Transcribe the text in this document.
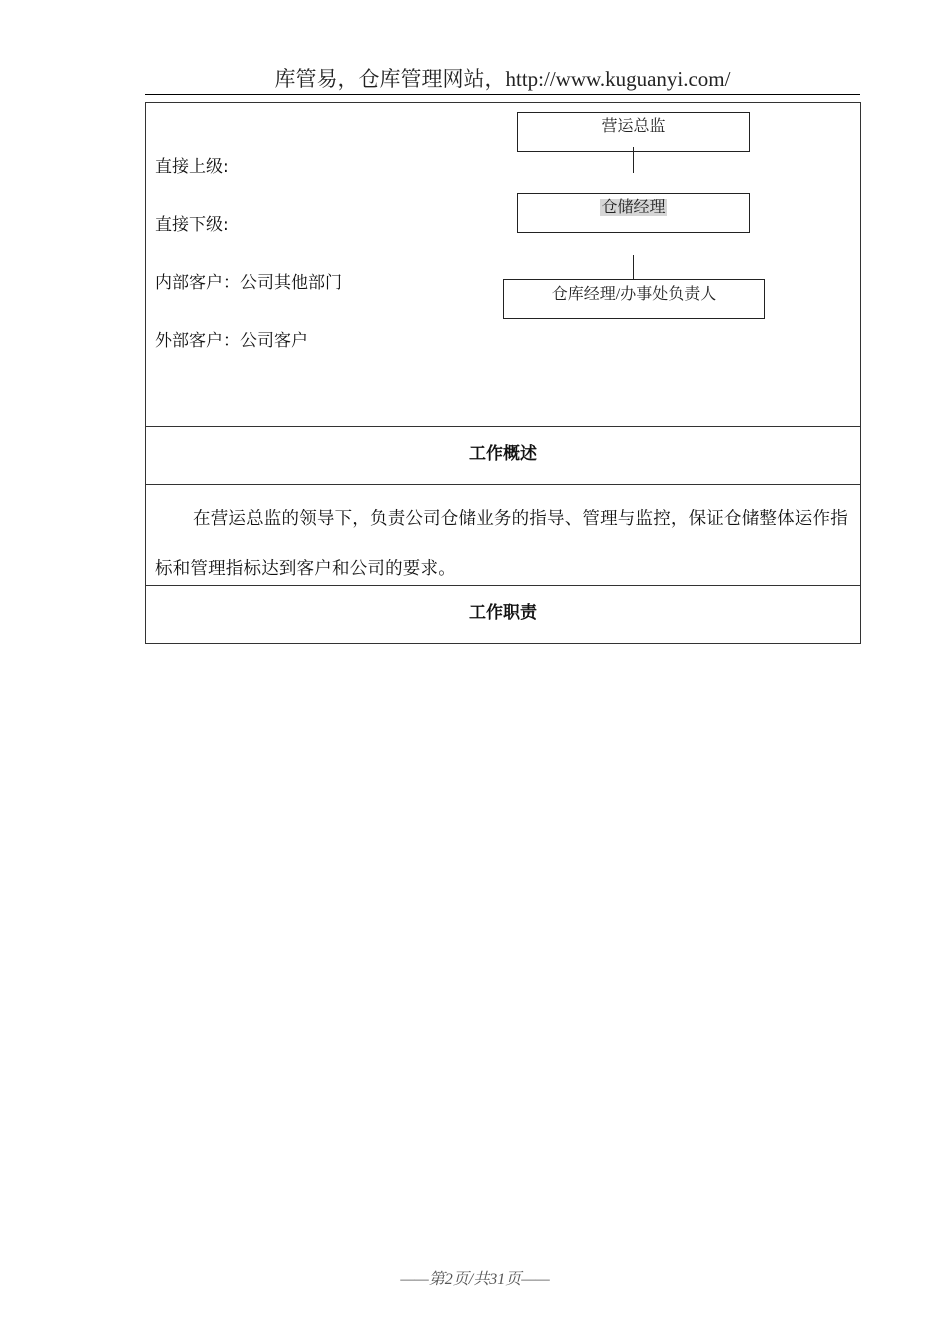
库管易，仓库管理网站，http://www.kuguanyi.com/
直接上级:
直接下级:
内部客户：公司其他部门
外部客户：公司客户
营运总监
仓储经理
仓库经理/办事处负责人
工作概述
在营运总监的领导下，负责公司仓储业务的指导、管理与监控，保证仓储整体运作指标和管理指标达到客户和公司的要求。
工作职责
——第2页/共31页——
